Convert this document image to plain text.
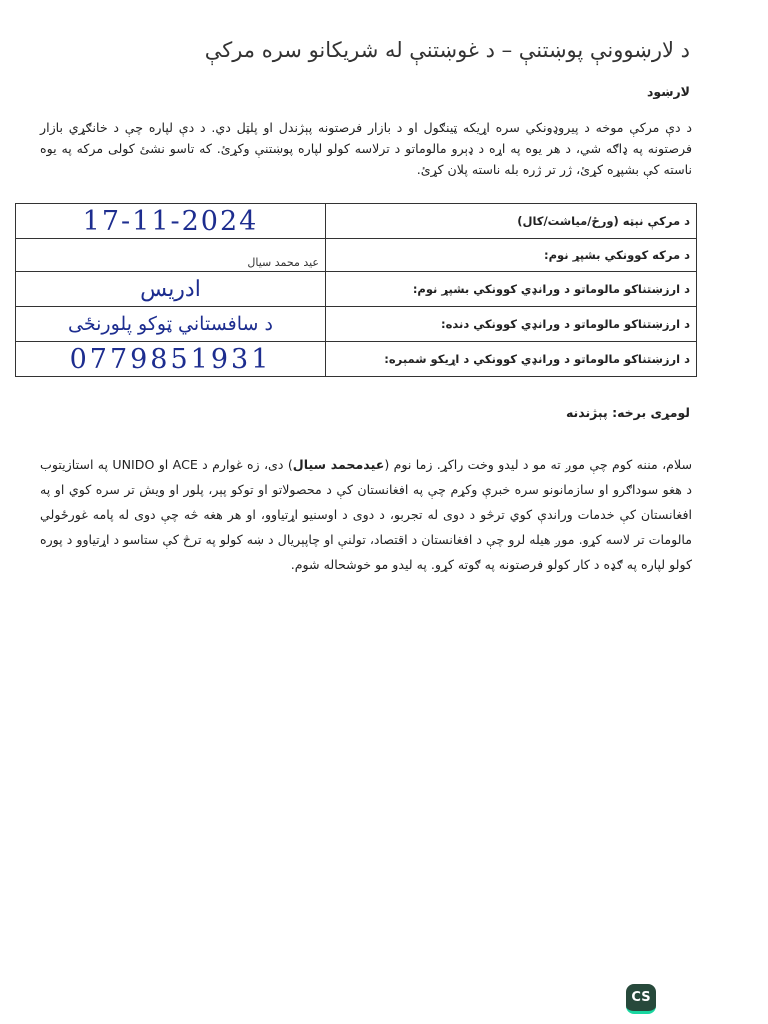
د لارښوونې پوښتنې – د غوښتنې له شریکانو سره مرکې
لارښود
د دې مرکې موخه د پیروډونکي سره اړیکه ټینګول او د بازار فرصتونه پېژندل او پلټل دي. د دې لپاره چې د خانګړي بازار فرصتونه په ډاګه شي، د هر یوه په اړه د ډېرو مالوماتو د ترلاسه کولو لپاره پوښتنې وکړئ. که تاسو نشئ کولی مرکه په یوه ناسته کې بشپړه کړئ، ژر تر ژره بله ناسته پلان کړئ.
د مرکې نېټه (ورځ/میاشت/کال)	17-11-2024
د مرکه کوونکي بشپړ نوم:	عید محمد سیال
د ارزښتناکو مالوماتو د ورانډي کوونکي بشپړ نوم:	ادریس
د ارزښتناکو مالوماتو د ورانډي کوونکي دنده:	د سافستاني ټوکو پلورنځی
د ارزښتناکو مالوماتو د ورانډي کوونکي د اړیکو شمېره:	0779851931
لومړی برخه: پېژندنه
سلام، مننه کوم چې موږ ته مو د لیدو وخت راکړ. زما نوم (عیدمحمد سیال) دی، زه غوارم د ACE او UNIDO په استازیتوب د هغو سوداګرو او سازمانونو سره خبرې وکړم چې په افغانستان کې د محصولاتو او توکو پېر، پلور او ویش تر سره کوي او په افغانستان کې خدمات وراندې کوي ترڅو د دوی له تجربو، د دوی د اوسنیو اړتیاوو، او هر هغه څه چې دوی له پامه غورځولي مالومات تر لاسه کړو. موږ هیله لرو چې د افغانستان د اقتصاد، تولنې او چاپېریال د ښه کولو په ترڅ کې ستاسو د اړتیاوو د پوره کولو لپاره په ګډه د کار کولو فرصتونه په ګوته کړو. په لیدو مو خوشحاله شوم.
CS
